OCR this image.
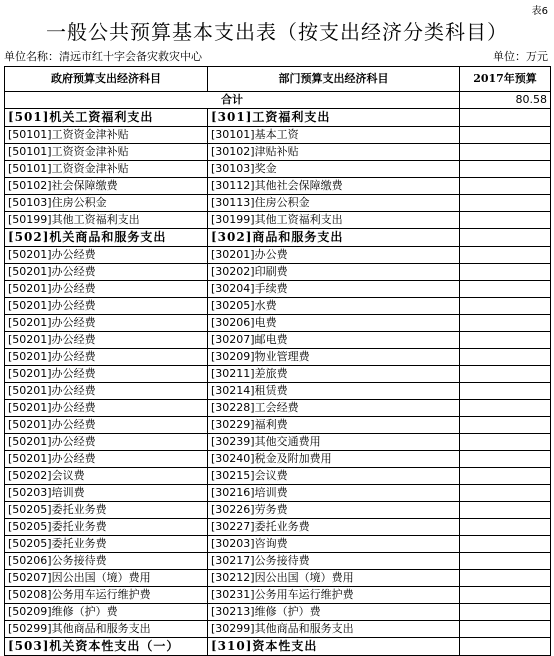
表6
一般公共预算基本支出表（按支出经济分类科目）
单位名称：清远市红十字会备灾救灾中心	单位：万元
政府预算支出经济科目	部门预算支出经济科目	2017年预算
合计		80.58
[501]机关工资福利支出	[301]工资福利支出	
[50101]工资资金津补贴	[30101]基本工资	
[50101]工资资金津补贴	[30102]津贴补贴	
[50101]工资资金津补贴	[30103]奖金	
[50102]社会保障缴费	[30112]其他社会保障缴费	
[50103]住房公积金	[30113]住房公积金	
[50199]其他工资福利支出	[30199]其他工资福利支出	
[502]机关商品和服务支出	[302]商品和服务支出	
[50201]办公经费	[30201]办公费	
[50201]办公经费	[30202]印刷费	
[50201]办公经费	[30204]手续费	
[50201]办公经费	[30205]水费	
[50201]办公经费	[30206]电费	
[50201]办公经费	[30207]邮电费	
[50201]办公经费	[30209]物业管理费	
[50201]办公经费	[30211]差旅费	
[50201]办公经费	[30214]租赁费	
[50201]办公经费	[30228]工会经费	
[50201]办公经费	[30229]福利费	
[50201]办公经费	[30239]其他交通费用	
[50201]办公经费	[30240]税金及附加费用	
[50202]会议费	[30215]会议费	
[50203]培训费	[30216]培训费	
[50205]委托业务费	[30226]劳务费	
[50205]委托业务费	[30227]委托业务费	
[50205]委托业务费	[30203]咨询费	
[50206]公务接待费	[30217]公务接待费	
[50207]因公出国（境）费用	[30212]因公出国（境）费用	
[50208]公务用车运行维护费	[30231]公务用车运行维护费	
[50209]维修（护）费	[30213]维修（护）费	
[50299]其他商品和服务支出	[30299]其他商品和服务支出	
[503]机关资本性支出（一）	[310]资本性支出	
